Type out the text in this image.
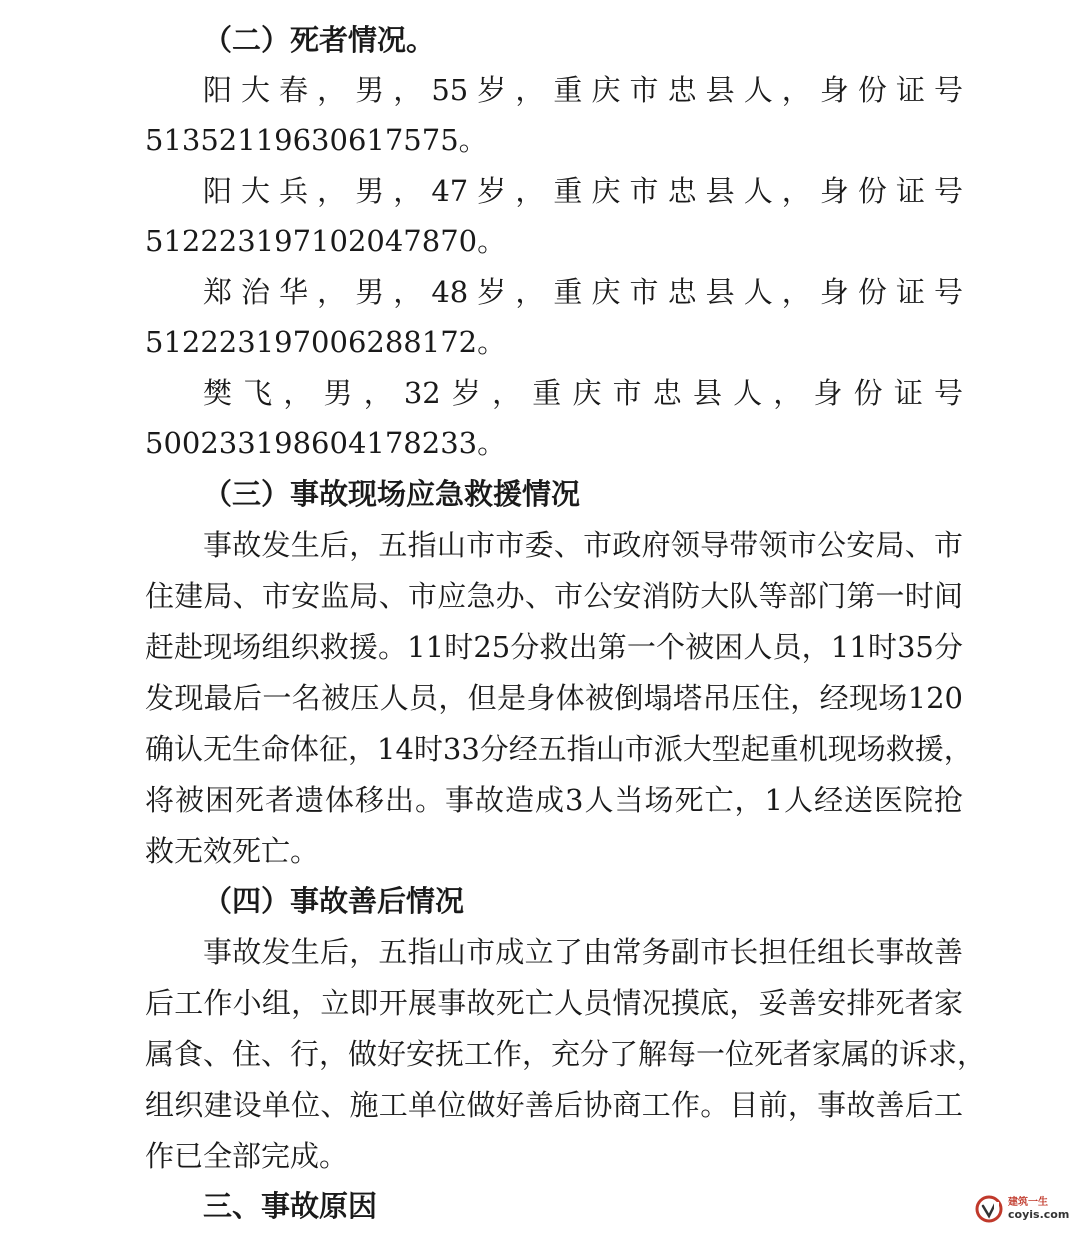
（二）死者情况。
阳大春，男，55岁，重庆市忠县人，身份证号
51352119630617575。
阳大兵，男，47岁，重庆市忠县人，身份证号
512223197102047870。
郑治华，男，48岁，重庆市忠县人，身份证号
512223197006288172。
樊飞，男，32岁，重庆市忠县人，身份证号
500233198604178233。
（三）事故现场应急救援情况
事故发生后，五指山市市委、市政府领导带领市公安局、市
住建局、市安监局、市应急办、市公安消防大队等部门第一时间
赶赴现场组织救援。11时25分救出第一个被困人员，11时35分
发现最后一名被压人员，但是身体被倒塌塔吊压住，经现场120
确认无生命体征，14时33分经五指山市派大型起重机现场救援，
将被困死者遗体移出。事故造成3人当场死亡，1人经送医院抢
救无效死亡。
（四）事故善后情况
事故发生后，五指山市成立了由常务副市长担任组长事故善
后工作小组，立即开展事故死亡人员情况摸底，妥善安排死者家
属食、住、行，做好安抚工作，充分了解每一位死者家属的诉求，
组织建设单位、施工单位做好善后协商工作。目前，事故善后工
作已全部完成。
三、事故原因	建筑一生
coyis.com
